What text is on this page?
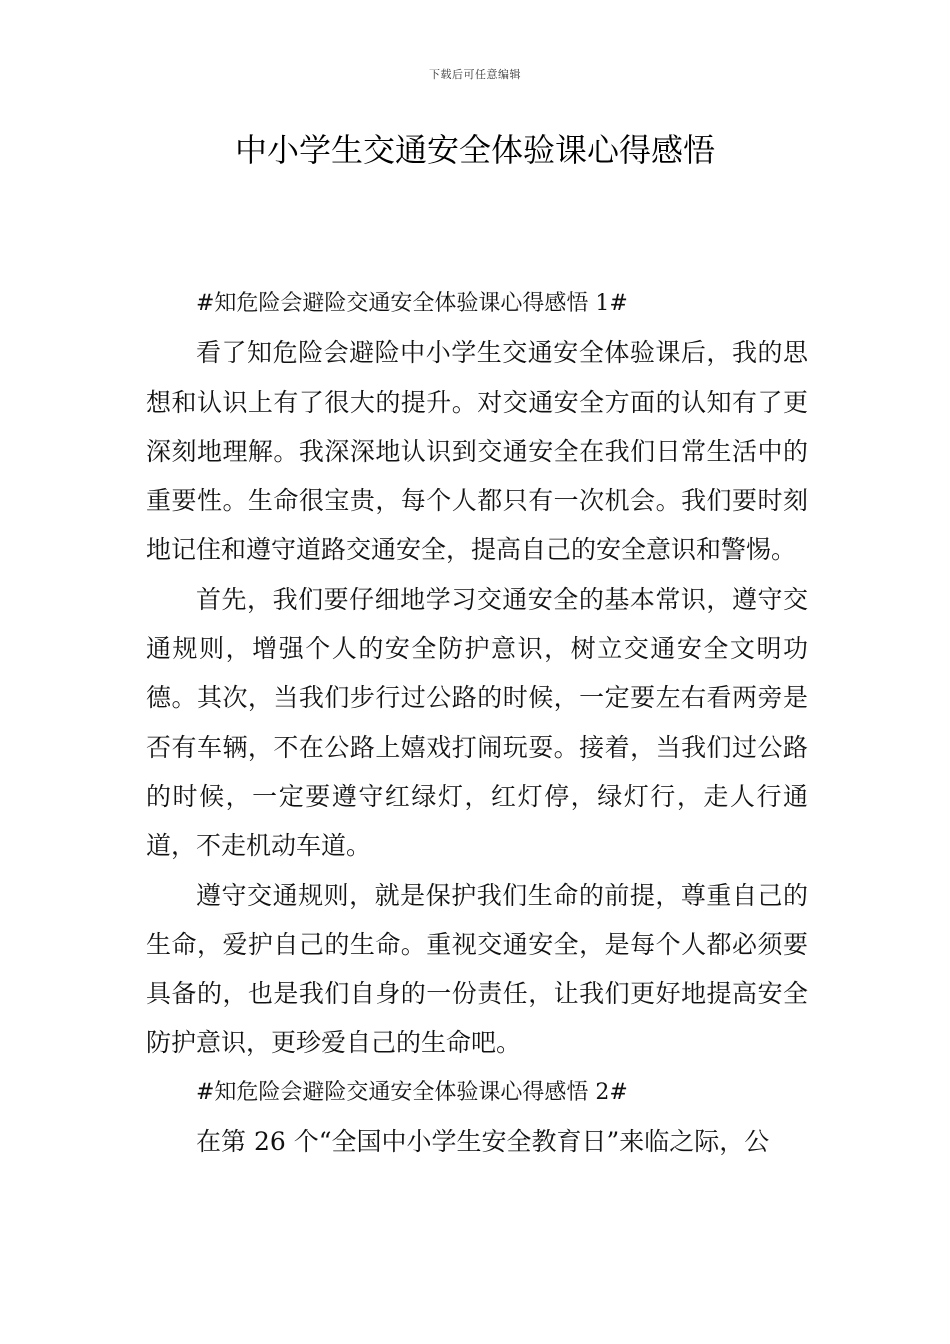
下载后可任意编辑
中小学生交通安全体验课心得感悟

#知危险会避险交通安全体验课心得感悟 1#

看了知危险会避险中小学生交通安全体验课后，我的思想和认识上有了很大的提升。对交通安全方面的认知有了更深刻地理解。我深深地认识到交通安全在我们日常生活中的重要性。生命很宝贵，每个人都只有一次机会。我们要时刻地记住和遵守道路交通安全，提高自己的安全意识和警惕。

首先，我们要仔细地学习交通安全的基本常识，遵守交通规则，增强个人的安全防护意识，树立交通安全文明功德。其次，当我们步行过公路的时候，一定要左右看两旁是否有车辆，不在公路上嬉戏打闹玩耍。接着，当我们过公路的时候，一定要遵守红绿灯，红灯停，绿灯行，走人行通道，不走机动车道。

遵守交通规则，就是保护我们生命的前提，尊重自己的生命，爱护自己的生命。重视交通安全，是每个人都必须要具备的，也是我们自身的一份责任，让我们更好地提高安全防护意识，更珍爱自己的生命吧。

#知危险会避险交通安全体验课心得感悟 2#

在第 26 个“全国中小学生安全教育日”来临之际，公
